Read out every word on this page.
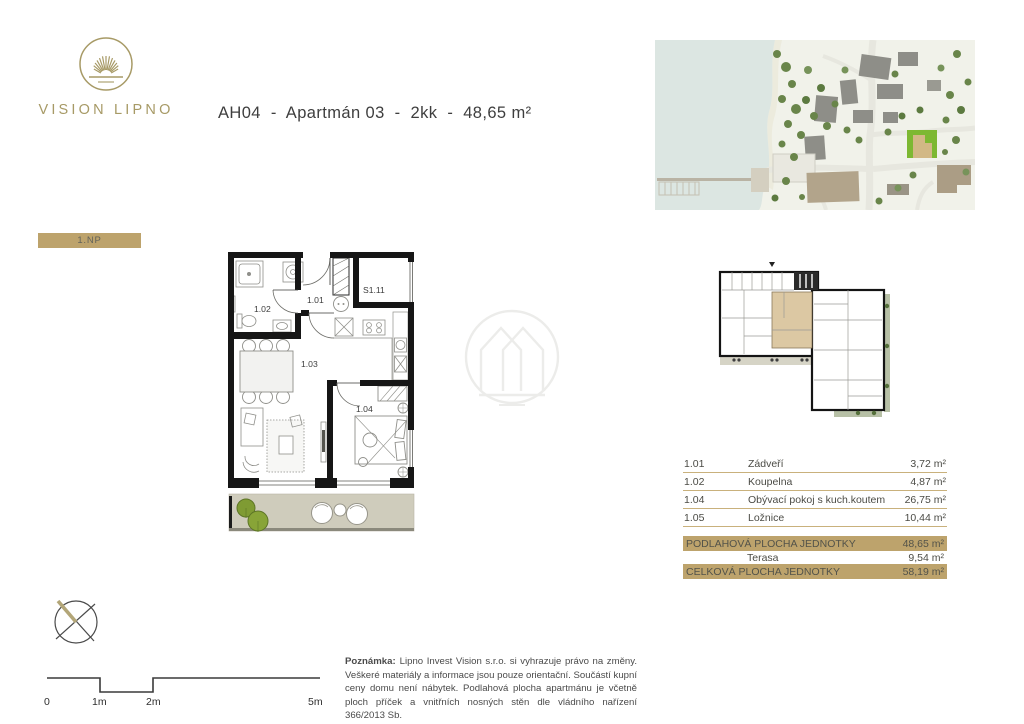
VISION LIPNO	AH04  -  Apartmán 03  -  2kk  -  48,65 m²
1.NP
1.02
1.01
S1.11
1.03
1.04
1.01	Zádveří	3,72 m²
1.02	Koupelna	4,87 m²
1.04	Obývací pokoj s kuch.koutem	26,75 m²
1.05	Ložnice	10,44 m²
PODLAHOVÁ PLOCHA JEDNOTKY	48,65 m²
Terasa	9,54 m²
CELKOVÁ PLOCHA JEDNOTKY	58,19 m²
0	1m	2m	5m
Poznámka: Lipno Invest Vision s.r.o. si vyhrazuje právo na změny. Veškeré materiály a informace jsou pouze orientační. Součástí kupní ceny domu není nábytek. Podlahová plocha apartmánu je včetně ploch příček a vnitřních nosných stěn dle vládního nařízení 366/2013 Sb.
